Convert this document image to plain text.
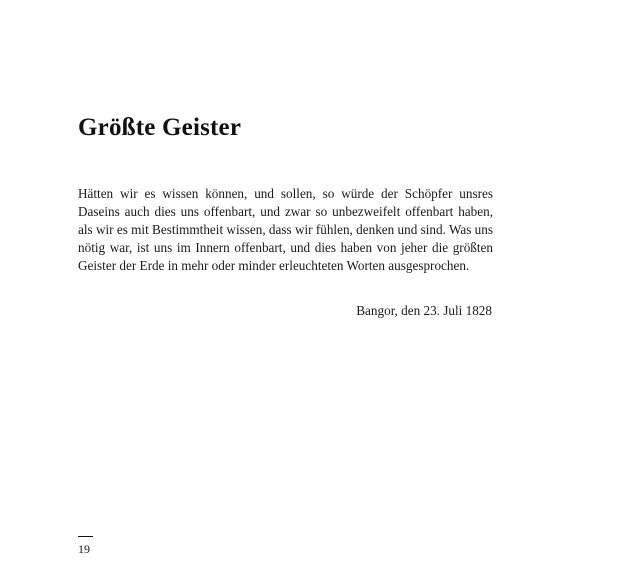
Größte Geister

Hätten wir es wissen können, und sollen, so würde der Schöpfer unsres Daseins auch dies uns offenbart, und zwar so unbezweifelt offenbart haben, als wir es mit Bestimmtheit wissen, dass wir fühlen, denken und sind. Was uns nötig war, ist uns im Innern offenbart, und dies haben von jeher die größten Geister der Erde in mehr oder minder erleuchteten Worten ausgesprochen.

Bangor, den 23. Juli 1828

19
